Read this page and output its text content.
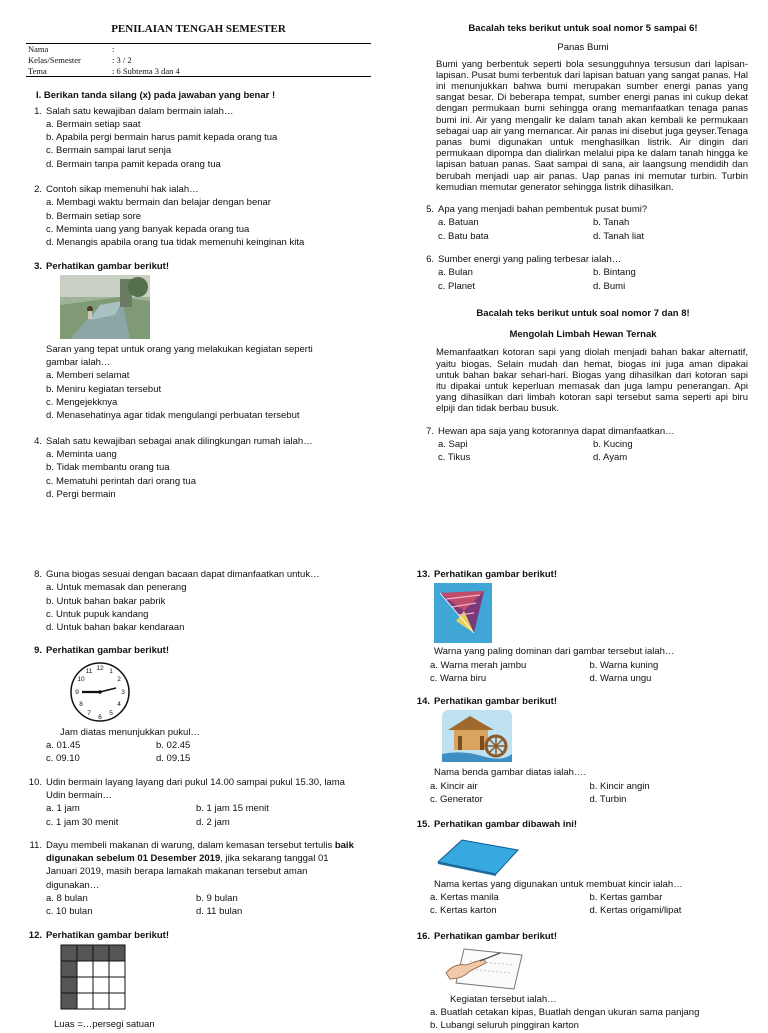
PENILAIAN TENGAH SEMESTER
Nama	:
Kelas/Semester	: 3 / 2
Tema	: 6 Subtema 3 dan 4
I. Berikan tanda silang (x) pada jawaban yang benar !
1. Salah satu kewajiban dalam bermain ialah…
a. Bermain setiap saat
b. Apabila pergi bermain harus pamit kepada orang tua
c. Bermain sampai larut senja
d. Bermain tanpa pamit kepada orang tua
2. Contoh sikap memenuhi hak ialah…
a. Membagi waktu bermain dan belajar dengan benar
b. Bermain setiap sore
c. Meminta uang yang banyak kepada orang tua
d. Menangis apabila orang tua tidak memenuhi keinginan kita
3. Perhatikan gambar berikut!
Saran yang tepat untuk orang yang melakukan kegiatan seperti gambar ialah…
a. Memberi selamat
b. Meniru kegiatan tersebut
c. Mengejekknya
d. Menasehatinya agar tidak mengulangi perbuatan tersebut
4. Salah satu kewajiban sebagai anak dilingkungan rumah ialah…
a. Meminta uang
b. Tidak membantu orang tua
c. Mematuhi perintah dari orang tua
d. Pergi bermain
Bacalah teks berikut untuk soal nomor 5 sampai 6!
Panas Bumi
Bumi yang berbentuk seperti bola sesungguhnya tersusun dari lapisan-lapisan. Pusat bumi terbentuk dari lapisan batuan yang sangat panas. Hal ini menunjukkan bahwa bumi merupakan sumber energi panas yang sangat besar. Di beberapa tempat, sumber energi panas ini cukup dekat dengan permukaan bumi sehingga orang memanfaatkan tenaga panas bumi ini. Air yang mengalir ke dalam tanah akan kembali ke permukaan sebagai uap air yang memancar. Air panas ini disebut juga geyser.Tenaga panas bumi digunakan untuk menghasilkan listrik. Air dingin dari permukaan dipompa dan dialirkan melalui pipa ke dalam tanah hingga ke lapisan batuan panas. Saat sampai di sana, air laangsung mendidih dan berubah menjadi uap air panas. Uap panas ini memutar turbin. Turbin kemudian memutar generator sehingga listrik dihasilkan.
5. Apa yang menjadi bahan pembentuk pusat bumi?
a. Batuan	b. Tanah
c. Batu bata	d. Tanah liat
6. Sumber energi yang paling terbesar ialah…
a. Bulan	b. Bintang
c. Planet	d. Bumi
Bacalah teks berikut untuk soal nomor 7 dan 8!
Mengolah Limbah Hewan Ternak
Memanfaatkan kotoran sapi yang diolah menjadi bahan bakar alternatif, yaitu biogas. Selain mudah dan hemat, biogas ini juga aman dipakai untuk bahan bakar sehari-hari. Biogas yang dihasilkan dari kotoran sapi itu dipakai untuk keperluan memasak dan juga lampu penerangan. Api yang dihasilkan dari limbah kotoran sapi tersebut sama seperti api biru elpiji dan tidak berbau busuk.
7. Hewan apa saja yang kotorannya dapat dimanfaatkan…
a. Sapi	b. Kucing
c. Tikus	d. Ayam
8. Guna biogas sesuai dengan bacaan dapat dimanfaatkan untuk…
a. Untuk memasak dan penerang
b. Untuk bahan bakar pabrik
c. Untuk pupuk kandang
d. Untuk bahan bakar kendaraan
9. Perhatikan gambar berikut!
12 1
2
3
4
5
6
7
8
9
10
11
Jam diatas menunjukkan pukul…
a. 01.45	b. 02.45
c. 09.10	d. 09.15
10. Udin bermain layang layang dari pukul 14.00 sampai pukul 15.30, lama Udin bermain…
a. 1 jam	b. 1 jam 15 menit
c. 1 jam 30 menit	d. 2 jam
11. Dayu membeli makanan di warung, dalam kemasan tersebut tertulis baik digunakan sebelum 01 Desember 2019, jika sekarang tanggal 01 Januari 2019, masih berapa lamakah makanan tersebut aman digunakan…
a. 8 bulan	b. 9 bulan
c. 10 bulan	d. 11 bulan
12. Perhatikan gambar berikut!
Luas =…persegi satuan
13. Perhatikan gambar berikut!
Warna yang paling dominan dari gambar tersebut ialah…
a. Warna merah jambu	b. Warna kuning
c. Warna biru	d. Warna ungu
14. Perhatikan gambar berikut!
Nama benda gambar diatas ialah….
a. Kincir air	b. Kincir angin
c. Generator	d. Turbin
15. Perhatikan gambar dibawah ini!
Nama kertas yang digunakan untuk membuat kincir ialah…
a. Kertas manila	b. Kertas gambar
c. Kertas karton	d. Kertas origami/lipat
16. Perhatikan gambar berikut!
Kegiatan tersebut ialah…
a. Buatlah cetakan kipas, Buatlah dengan ukuran sama panjang
b. Lubangi seluruh pinggiran karton
